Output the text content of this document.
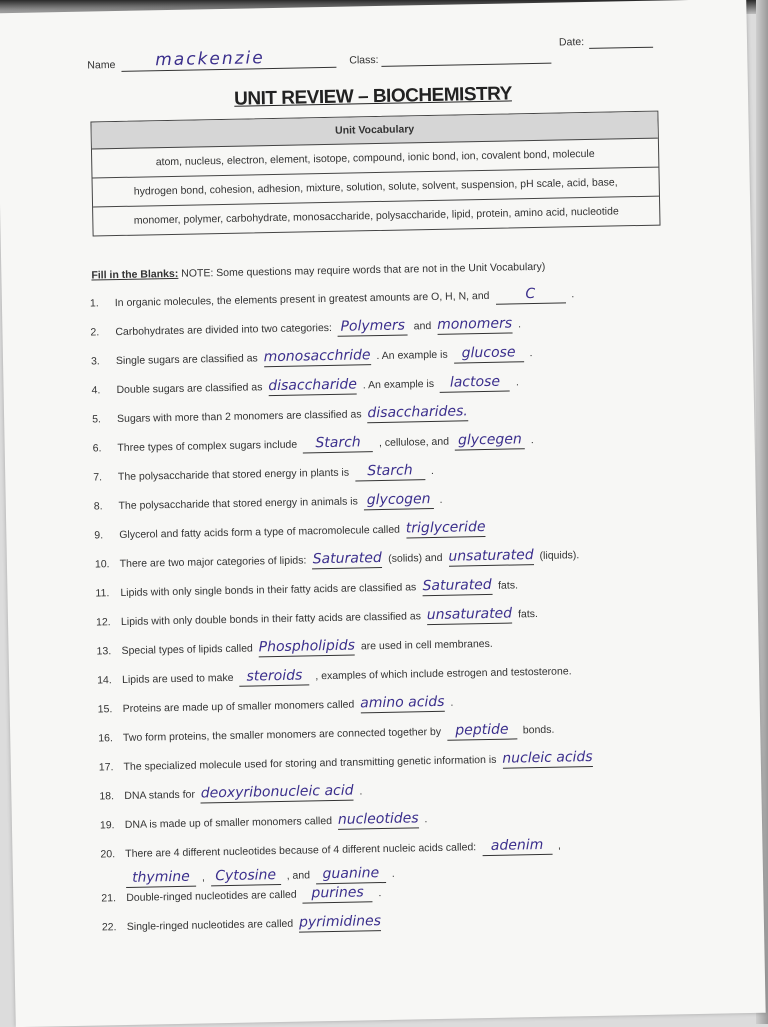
Name mackenzie	Class:
Date:
UNIT REVIEW – BIOCHEMISTRY
Unit Vocabulary
atom, nucleus, electron, element, isotope, compound, ionic bond, ion, covalent bond, molecule
hydrogen bond, cohesion, adhesion, mixture, solution, solute, solvent, suspension, pH scale, acid, base,
monomer, polymer, carbohydrate, monosaccharide, polysaccharide, lipid, protein, amino acid, nucleotide
Fill in the Blanks: NOTE: Some questions may require words that are not in the Unit Vocabulary)
1. In organic molecules, the elements present in greatest amounts are O, H, N, and C	.
2. Carbohydrates are divided into two categories: Polymers and monomers .
3. Single sugars are classified as monosacchride . An example is glucose .
4. Double sugars are classified as disaccharide . An example is lactose .
5. Sugars with more than 2 monomers are classified as disaccharides.
6. Three types of complex sugars include Starch , cellulose, and glycegen .
7. The polysaccharide that stored energy in plants is Starch .
8. The polysaccharide that stored energy in animals is glycogen .
9. Glycerol and fatty acids form a type of macromolecule called triglyceride
10. There are two major categories of lipids: Saturated (solids) and unsaturated (liquids).
11. Lipids with only single bonds in their fatty acids are classified as Saturated fats.
12. Lipids with only double bonds in their fatty acids are classified as unsaturated fats.
13. Special types of lipids called Phospholipids are used in cell membranes.
14. Lipids are used to make steroids , examples of which include estrogen and testosterone.
15. Proteins are made up of smaller monomers called amino acids .
16. Two form proteins, the smaller monomers are connected together by peptide bonds.
17. The specialized molecule used for storing and transmitting genetic information is nucleic acids
18. DNA stands for deoxyribonucleic acid .
19. DNA is made up of smaller monomers called nucleotides .
20. There are 4 different nucleotides because of 4 different nucleic acids called: adenim ,
thymine , Cytosine , and guanine .
21. Double-ringed nucleotides are called purines .
22. Single-ringed nucleotides are called pyrimidines
